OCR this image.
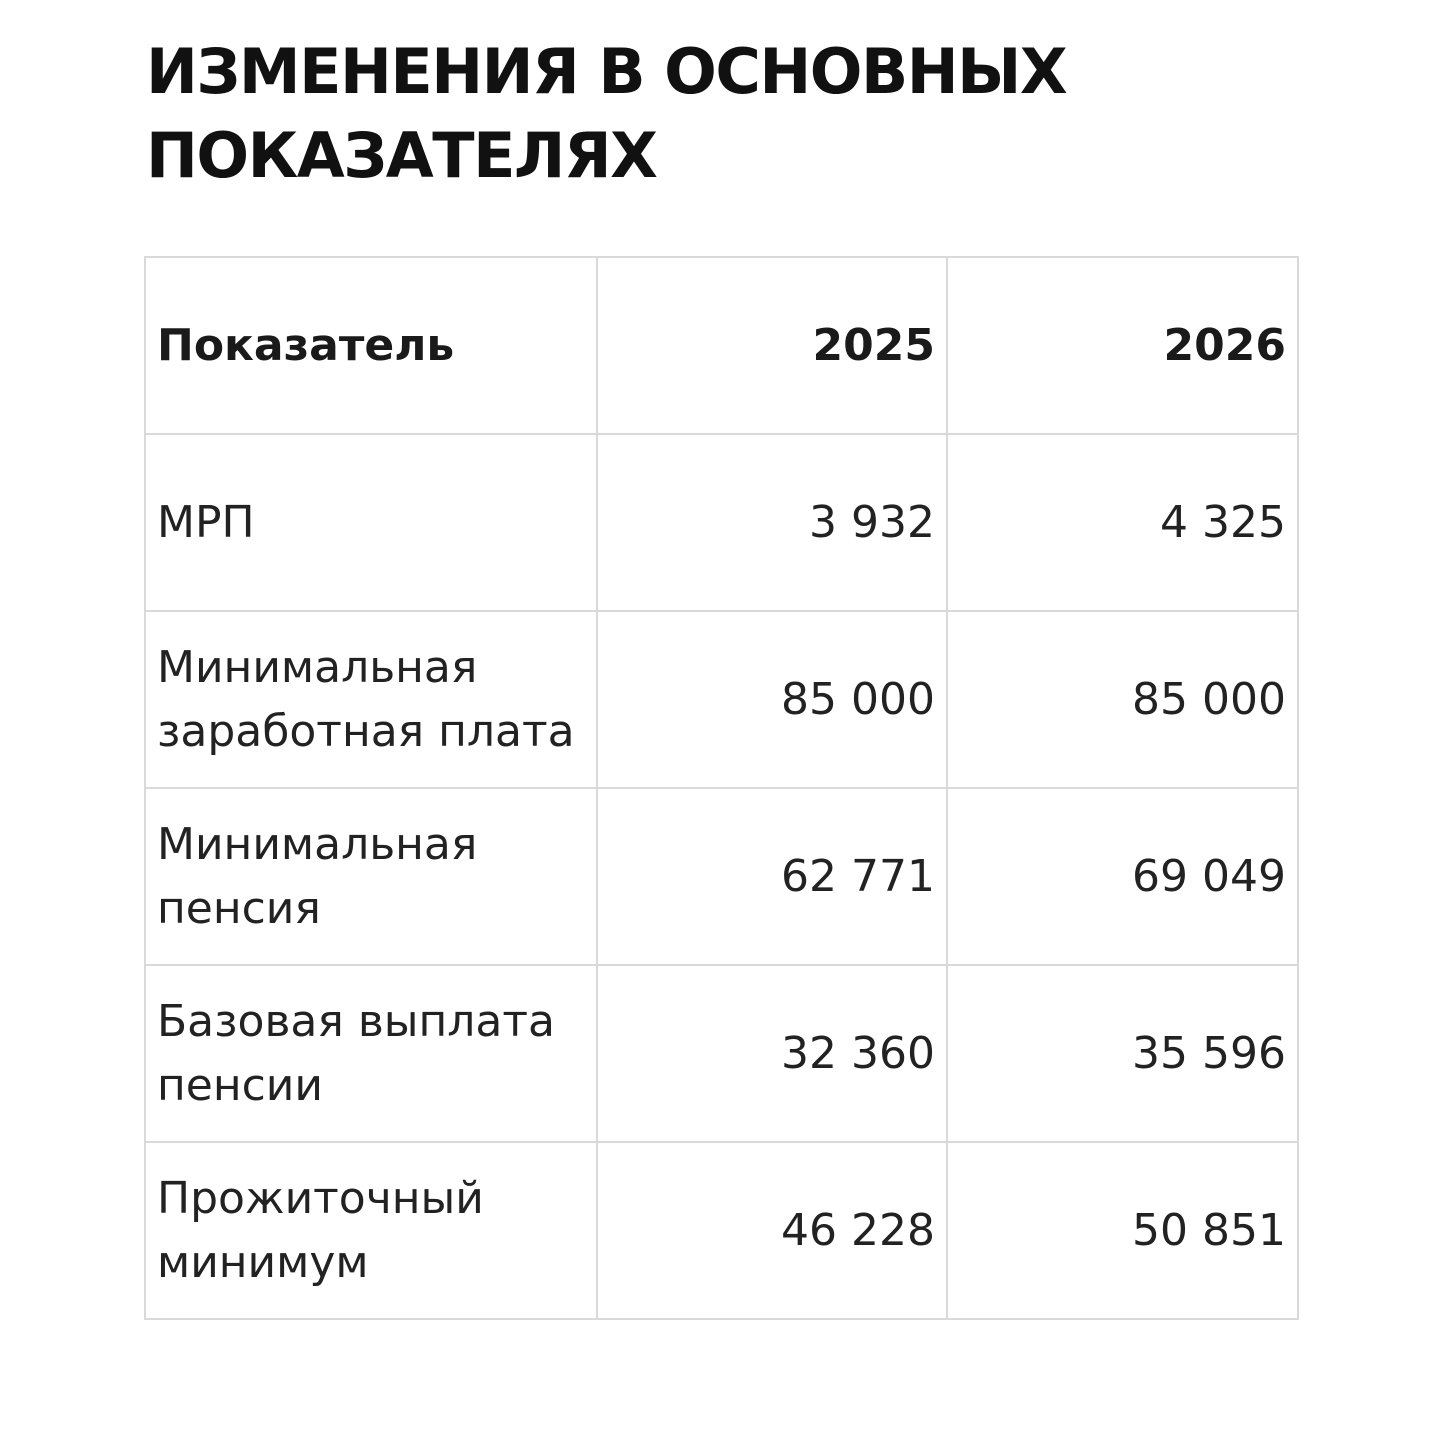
ИЗМЕНЕНИЯ В ОСНОВНЫХ
ПОКАЗАТЕЛЯХ
Показатель	2025	2026
МРП	3 932	4 325
Минимальная заработная плата	85 000	85 000
Минимальная пенсия	62 771	69 049
Базовая выплата пенсии	32 360	35 596
Прожиточный минимум	46 228	50 851
